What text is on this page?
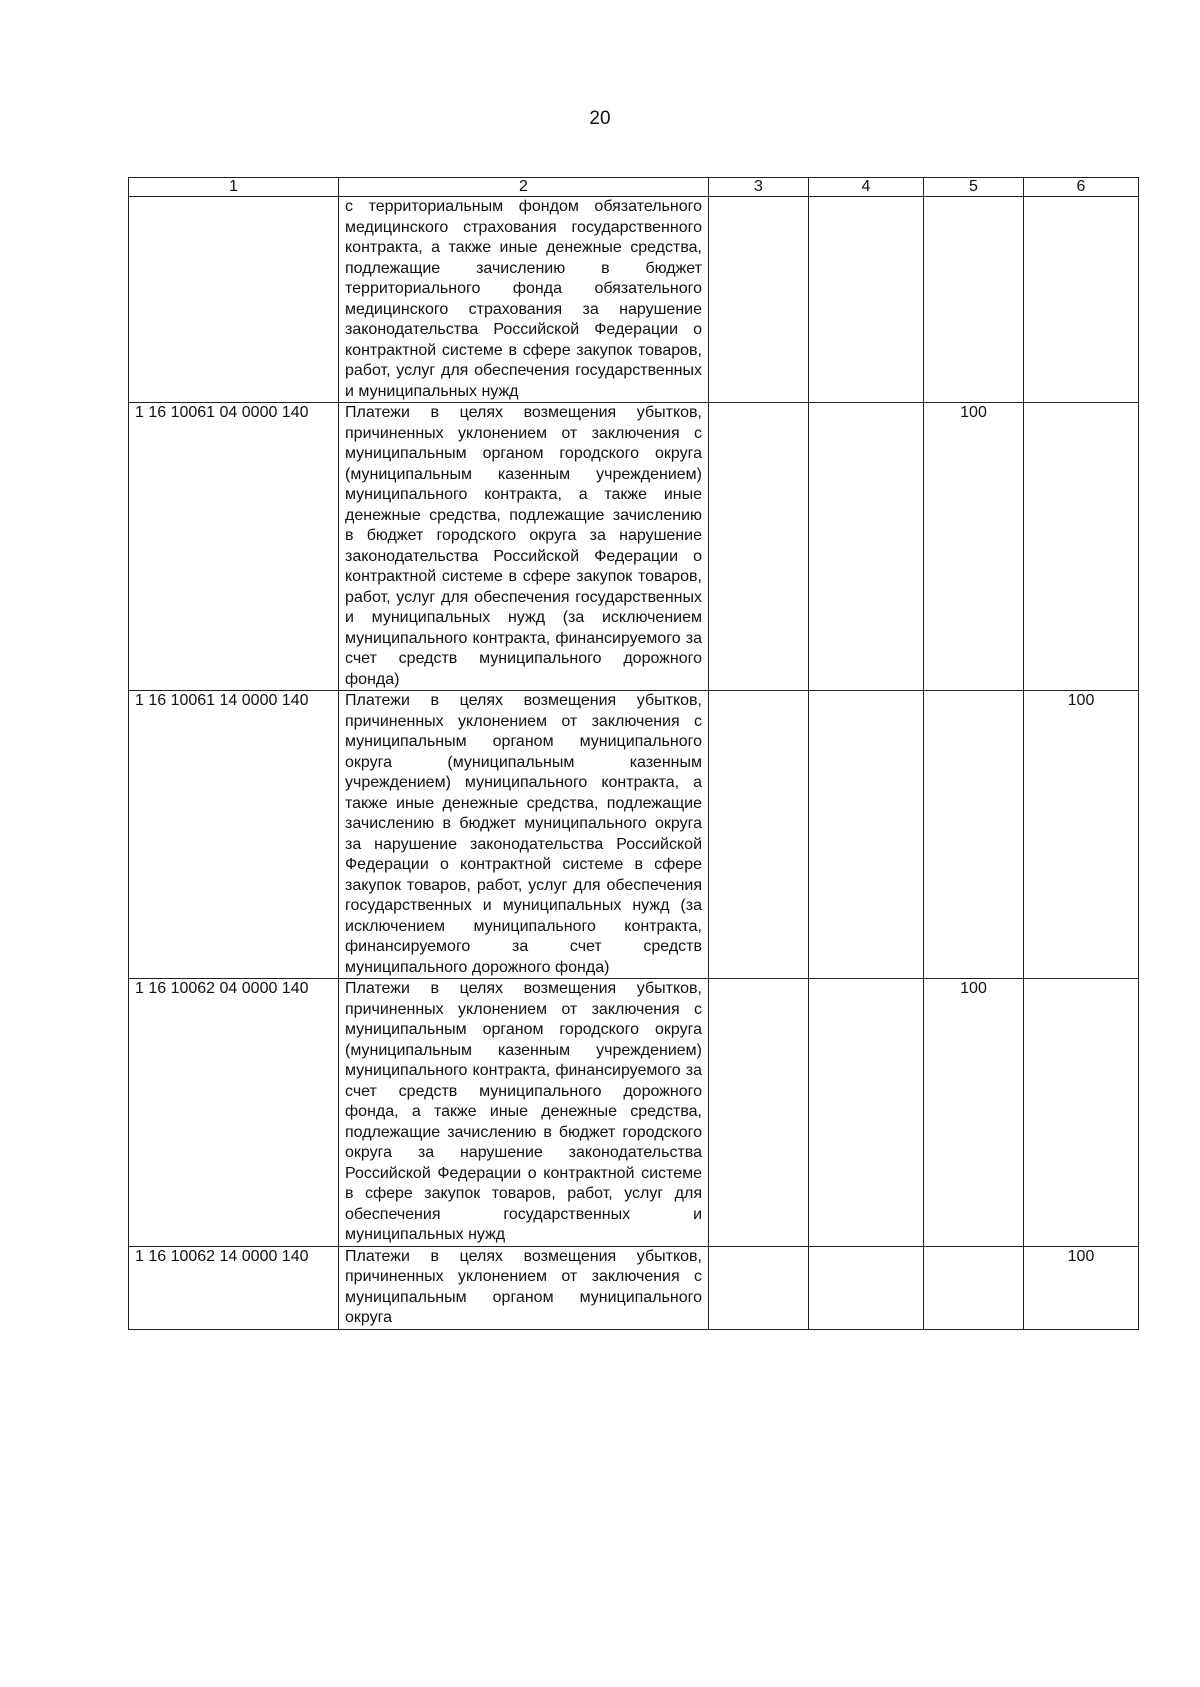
20
1	2	3	4	5	6
	с территориальным фондом обязательного медицинского страхования государственного контракта, а также иные денежные средства, подлежащие зачислению в бюджет территориального фонда обязательного медицинского страхования за нарушение законодательства Российской Федерации о контрактной системе в сфере закупок товаров, работ, услуг для обеспечения государственных и муниципальных нужд				
1 16 10061 04 0000 140	Платежи в целях возмещения убытков, причиненных уклонением от заключения с муниципальным органом городского округа (муниципальным казенным учреждением) муниципального контракта, а также иные денежные средства, подлежащие зачислению в бюджет городского округа за нарушение законодательства Российской Федерации о контрактной системе в сфере закупок товаров, работ, услуг для обеспечения государственных и муниципальных нужд (за исключением муниципального контракта, финансируемого за счет средств муниципального дорожного фонда)			100	
1 16 10061 14 0000 140	Платежи в целях возмещения убытков, причиненных уклонением от заключения с муниципальным органом муниципального округа (муниципальным казенным учреждением) муниципального контракта, а также иные денежные средства, подлежащие зачислению в бюджет муниципального округа за нарушение законодательства Российской Федерации о контрактной системе в сфере закупок товаров, работ, услуг для обеспечения государственных и муниципальных нужд (за исключением муниципального контракта, финансируемого за счет средств муниципального дорожного фонда)				100
1 16 10062 04 0000 140	Платежи в целях возмещения убытков, причиненных уклонением от заключения с муниципальным органом городского округа (муниципальным казенным учреждением) муниципального контракта, финансируемого за счет средств муниципального дорожного фонда, а также иные денежные средства, подлежащие зачислению в бюджет городского округа за нарушение законодательства Российской Федерации о контрактной системе в сфере закупок товаров, работ, услуг для обеспечения государственных и муниципальных нужд			100	
1 16 10062 14 0000 140	Платежи в целях возмещения убытков, причиненных уклонением от заключения с муниципальным органом муниципального округа				100
